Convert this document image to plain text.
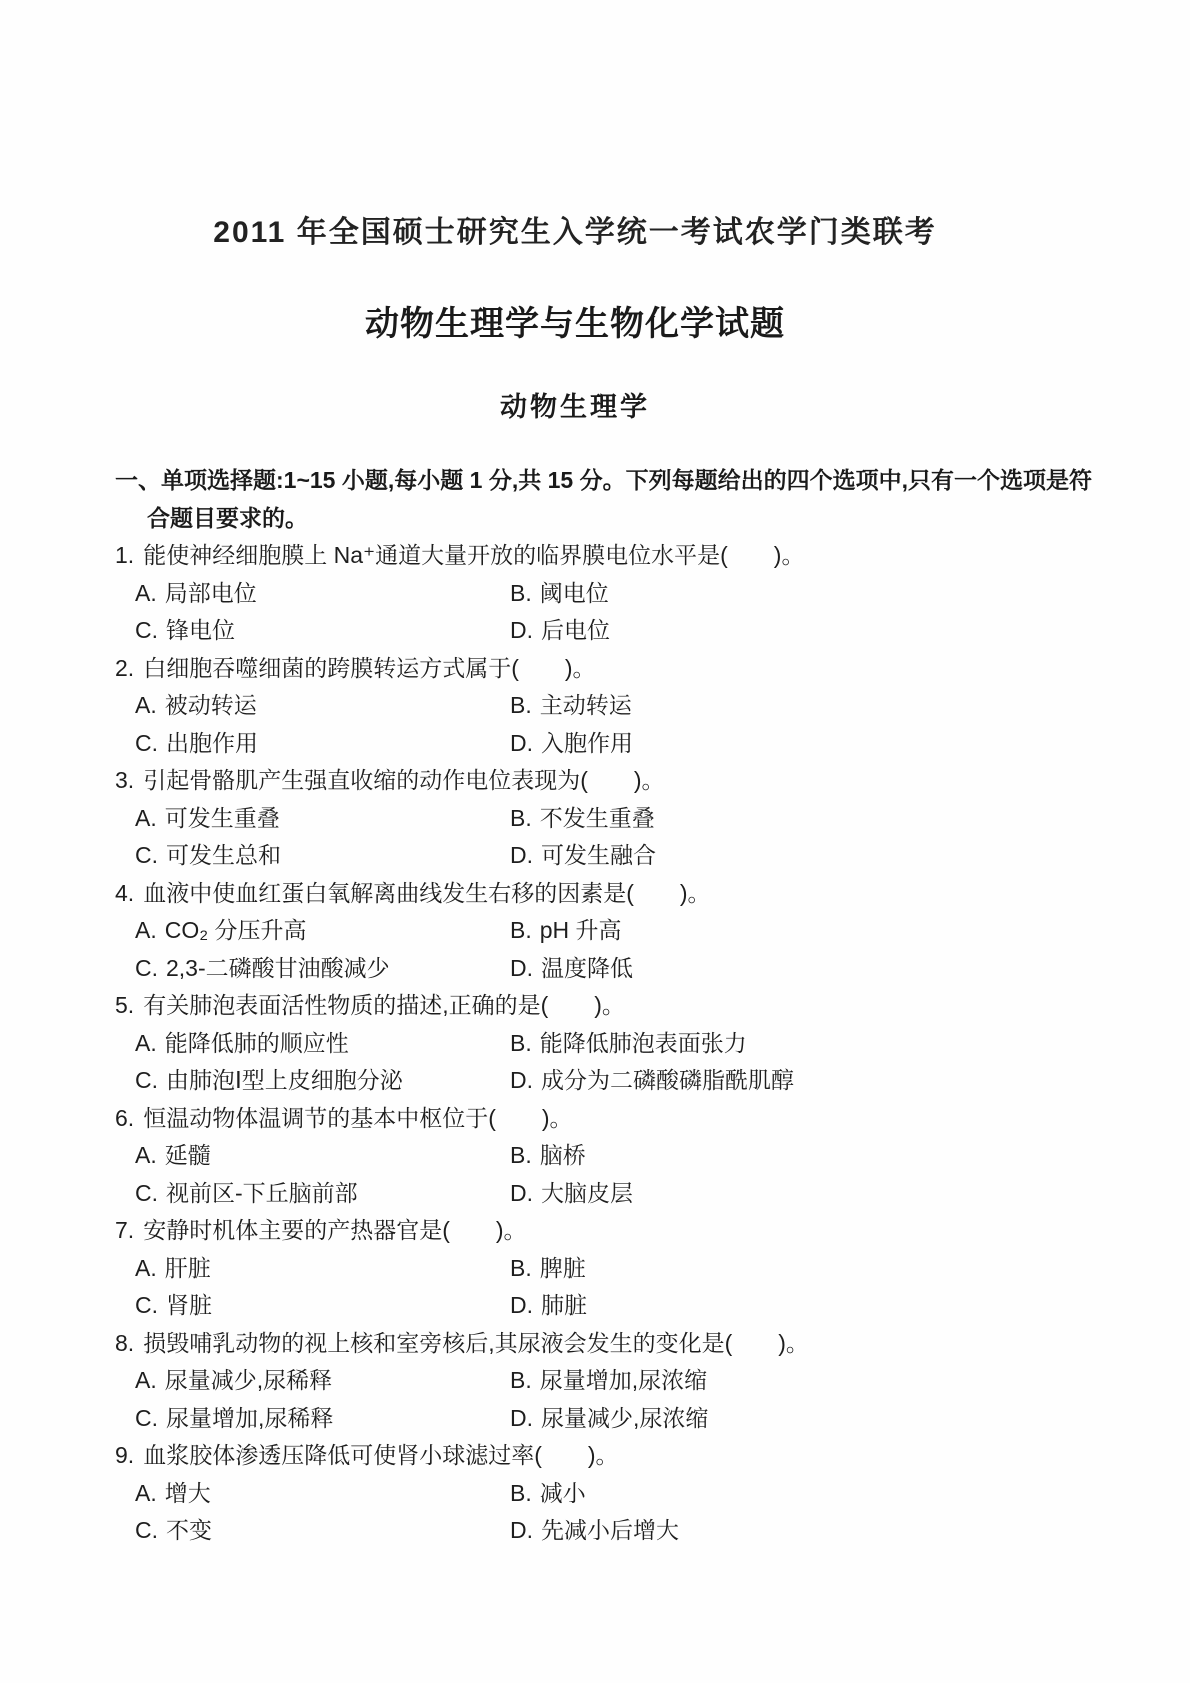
2011 年全国硕士研究生入学统一考试农学门类联考
动物生理学与生物化学试题
动物生理学
一、单项选择题:1~15 小题,每小题 1 分,共 15 分。下列每题给出的四个选项中,只有一个选项是符合题目要求的。
1. 能使神经细胞膜上 Na⁺通道大量开放的临界膜电位水平是(　　)。
A. 局部电位	B. 阈电位
C. 锋电位	D. 后电位
2. 白细胞吞噬细菌的跨膜转运方式属于(　　)。
A. 被动转运	B. 主动转运
C. 出胞作用	D. 入胞作用
3. 引起骨骼肌产生强直收缩的动作电位表现为(　　)。
A. 可发生重叠	B. 不发生重叠
C. 可发生总和	D. 可发生融合
4. 血液中使血红蛋白氧解离曲线发生右移的因素是(　　)。
A. CO₂ 分压升高	B. pH 升高
C. 2,3-二磷酸甘油酸减少	D. 温度降低
5. 有关肺泡表面活性物质的描述,正确的是(　　)。
A. 能降低肺的顺应性	B. 能降低肺泡表面张力
C. 由肺泡Ⅰ型上皮细胞分泌	D. 成分为二磷酸磷脂酰肌醇
6. 恒温动物体温调节的基本中枢位于(　　)。
A. 延髓	B. 脑桥
C. 视前区-下丘脑前部	D. 大脑皮层
7. 安静时机体主要的产热器官是(　　)。
A. 肝脏	B. 脾脏
C. 肾脏	D. 肺脏
8. 损毁哺乳动物的视上核和室旁核后,其尿液会发生的变化是(　　)。
A. 尿量减少,尿稀释	B. 尿量增加,尿浓缩
C. 尿量增加,尿稀释	D. 尿量减少,尿浓缩
9. 血浆胶体渗透压降低可使肾小球滤过率(　　)。
A. 增大	B. 减小
C. 不变	D. 先减小后增大
